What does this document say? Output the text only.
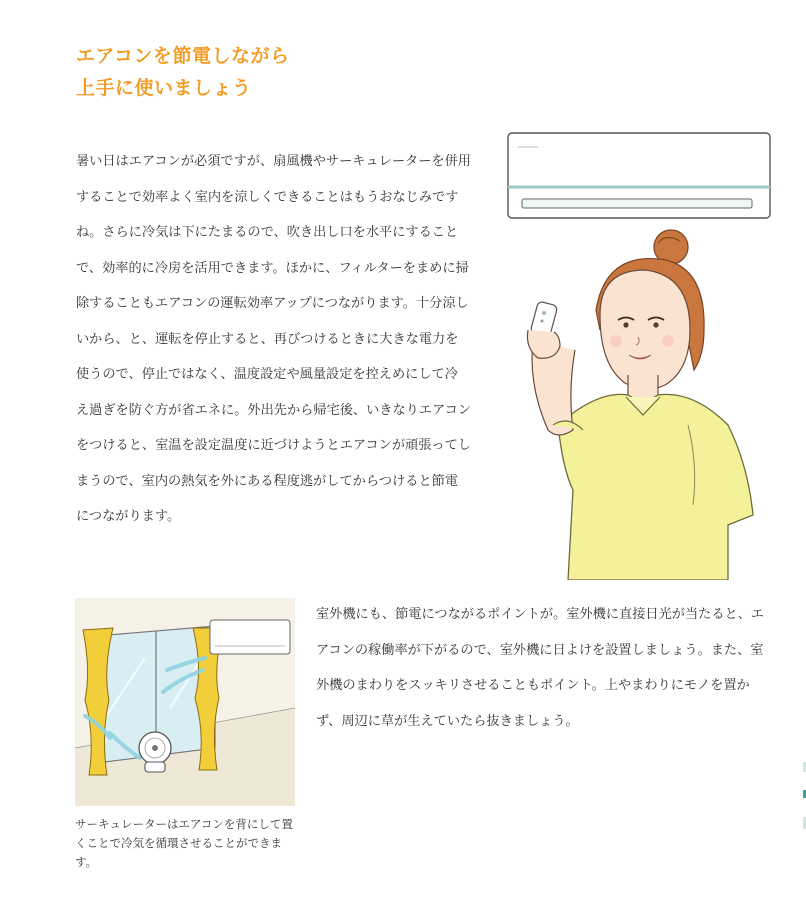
エアコンを節電しながら
上手に使いましょう

暑い日はエアコンが必須ですが、扇風機やサーキュレーターを併用することで効率よく室内を涼しくできることはもうおなじみですね。さらに冷気は下にたまるので、吹き出し口を水平にすることで、効率的に冷房を活用できます。ほかに、フィルターをまめに掃除することもエアコンの運転効率アップにつながります。十分涼しいから、と、運転を停止すると、再びつけるときに大きな電力を使うので、停止ではなく、温度設定や風量設定を控えめにして冷え過ぎを防ぐ方が省エネに。外出先から帰宅後、いきなりエアコンをつけると、室温を設定温度に近づけようとエアコンが頑張ってしまうので、室内の熱気を外にある程度逃がしてからつけると節電につながります。

サーキュレーターはエアコンを背にして置くことで冷気を循環させることができます。

室外機にも、節電につながるポイントが。室外機に直接日光が当たると、エアコンの稼働率が下がるので、室外機に日よけを設置しましょう。また、室外機のまわりをスッキリさせることもポイント。上やまわりにモノを置かず、周辺に草が生えていたら抜きましょう。
